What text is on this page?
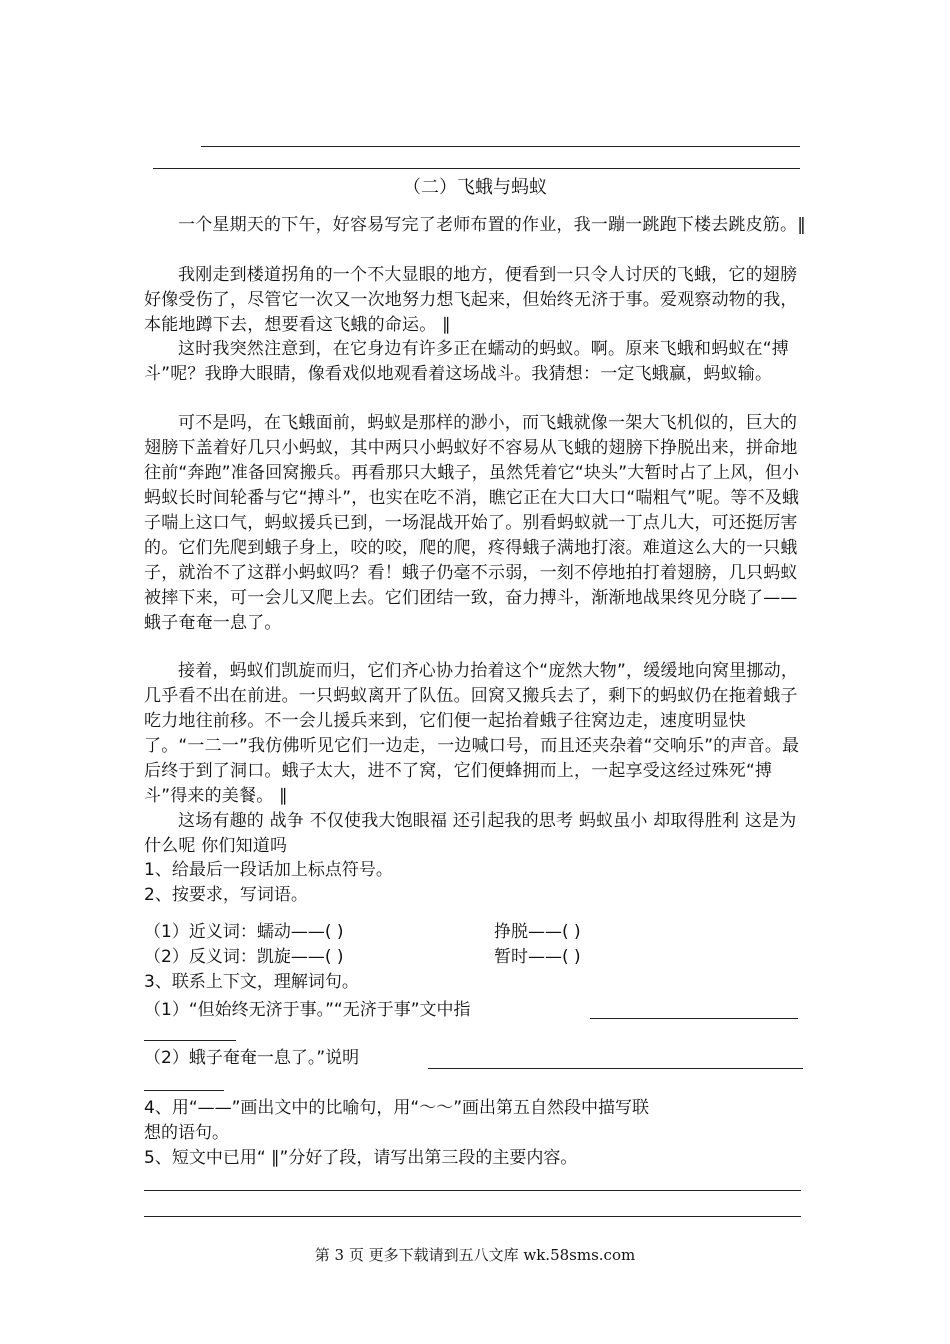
（二）飞蛾与蚂蚁

一个星期天的下午，好容易写完了老师布置的作业，我一蹦一跳跑下楼去跳皮筋。‖

我刚走到楼道拐角的一个不大显眼的地方，便看到一只令人讨厌的飞蛾，它的翅膀好像受伤了，尽管它一次又一次地努力想飞起来，但始终无济于事。爱观察动物的我，本能地蹲下去，想要看这飞蛾的命运。 ∥

这时我突然注意到，在它身边有许多正在蠕动的蚂蚁。啊。原来飞蛾和蚂蚁在“搏斗”呢？我睁大眼睛，像看戏似地观看着这场战斗。我猜想：一定飞蛾赢，蚂蚁输。

可不是吗，在飞蛾面前，蚂蚁是那样的渺小，而飞蛾就像一架大飞机似的，巨大的翅膀下盖着好几只小蚂蚁，其中两只小蚂蚁好不容易从飞蛾的翅膀下挣脱出来，拼命地往前“奔跑”准备回窝搬兵。再看那只大蛾子，虽然凭着它“块头”大暂时占了上风，但小蚂蚁长时间轮番与它“搏斗”，也实在吃不消，瞧它正在大口大口“喘粗气”呢。等不及蛾子喘上这口气，蚂蚁援兵已到，一场混战开始了。别看蚂蚁就一丁点儿大，可还挺厉害的。它们先爬到蛾子身上，咬的咬，爬的爬，疼得蛾子满地打滚。难道这么大的一只蛾子，就治不了这群小蚂蚁吗？看！蛾子仍毫不示弱，一刻不停地拍打着翅膀，几只蚂蚁被摔下来，可一会儿又爬上去。它们团结一致，奋力搏斗，渐渐地战果终见分晓了——蛾子奄奄一息了。

接着，蚂蚁们凯旋而归，它们齐心协力抬着这个“庞然大物”，缓缓地向窝里挪动，几乎看不出在前进。一只蚂蚁离开了队伍。回窝又搬兵去了，剩下的蚂蚁仍在拖着蛾子吃力地往前移。不一会儿援兵来到，它们便一起抬着蛾子往窝边走，速度明显快了。“一二一”我仿佛听见它们一边走，一边喊口号，而且还夹杂着“交响乐”的声音。最后终于到了洞口。蛾子太大，进不了窝，它们便蜂拥而上，一起享受这经过殊死“搏斗”得来的美餐。 ∥

这场有趣的 战争 不仅使我大饱眼福 还引起我的思考 蚂蚁虽小 却取得胜利 这是为什么呢 你们知道吗

1、给最后一段话加上标点符号。
2、按要求，写词语。
（1）近义词：蠕动——( )	挣脱——( )
（2）反义词：凯旋——( )	暂时——( )
3、联系上下文，理解词句。
（1）“但始终无济于事。”“无济于事”文中指
（2）蛾子奄奄一息了。”说明
4、用“——”画出文中的比喻句，用“～～”画出第五自然段中描写联
想的语句。
5、短文中已用“ ∥”分好了段，请写出第三段的主要内容。
第 3 页 更多下载请到五八文库 wk.58sms.com
